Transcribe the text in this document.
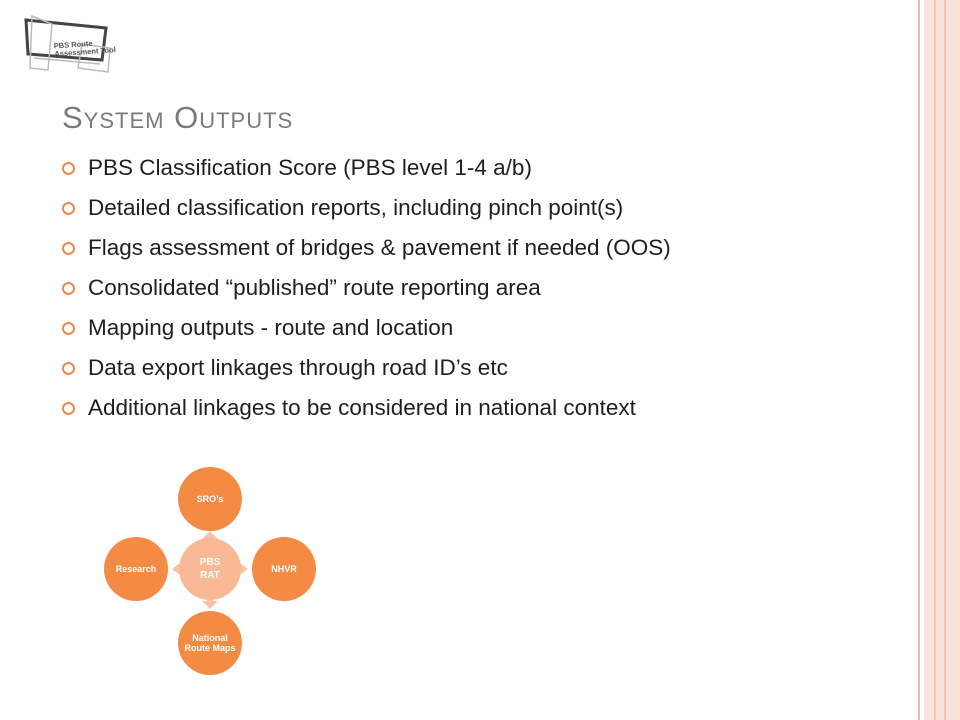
PBS Route Assessment Tool
System Outputs
PBS Classification Score (PBS level 1-4 a/b)
Detailed classification reports, including pinch point(s)
Flags assessment of bridges & pavement if needed (OOS)
Consolidated “published” route reporting area
Mapping outputs - route and location
Data export linkages through road ID’s etc
Additional linkages to be considered in national context
SRO’s
NHVR
National Route Maps
Research
PBS RAT
